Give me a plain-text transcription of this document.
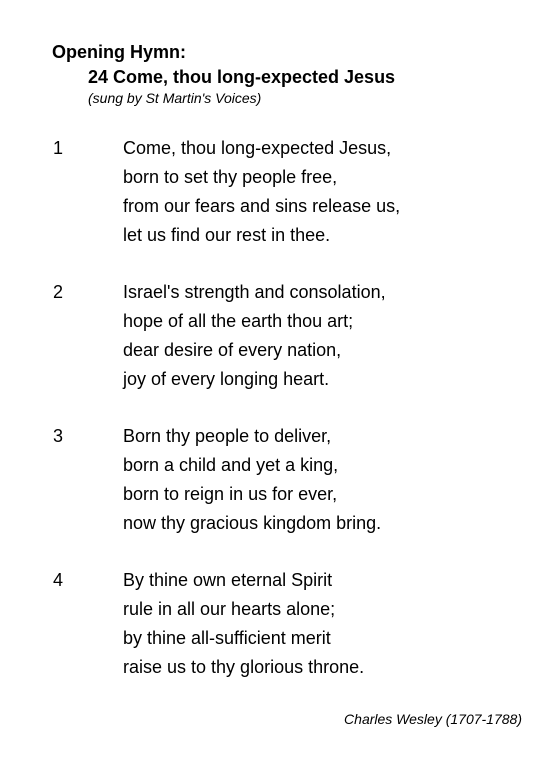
Opening Hymn:
24 Come, thou long-expected Jesus
(sung by St Martin's Voices)
1	Come, thou long-expected Jesus,
born to set thy people free,
from our fears and sins release us,
let us find our rest in thee.
2	Israel's strength and consolation,
hope of all the earth thou art;
dear desire of every nation,
joy of every longing heart.
3	Born thy people to deliver,
born a child and yet a king,
born to reign in us for ever,
now thy gracious kingdom bring.
4	By thine own eternal Spirit
rule in all our hearts alone;
by thine all-sufficient merit
raise us to thy glorious throne.
Charles Wesley (1707-1788)
